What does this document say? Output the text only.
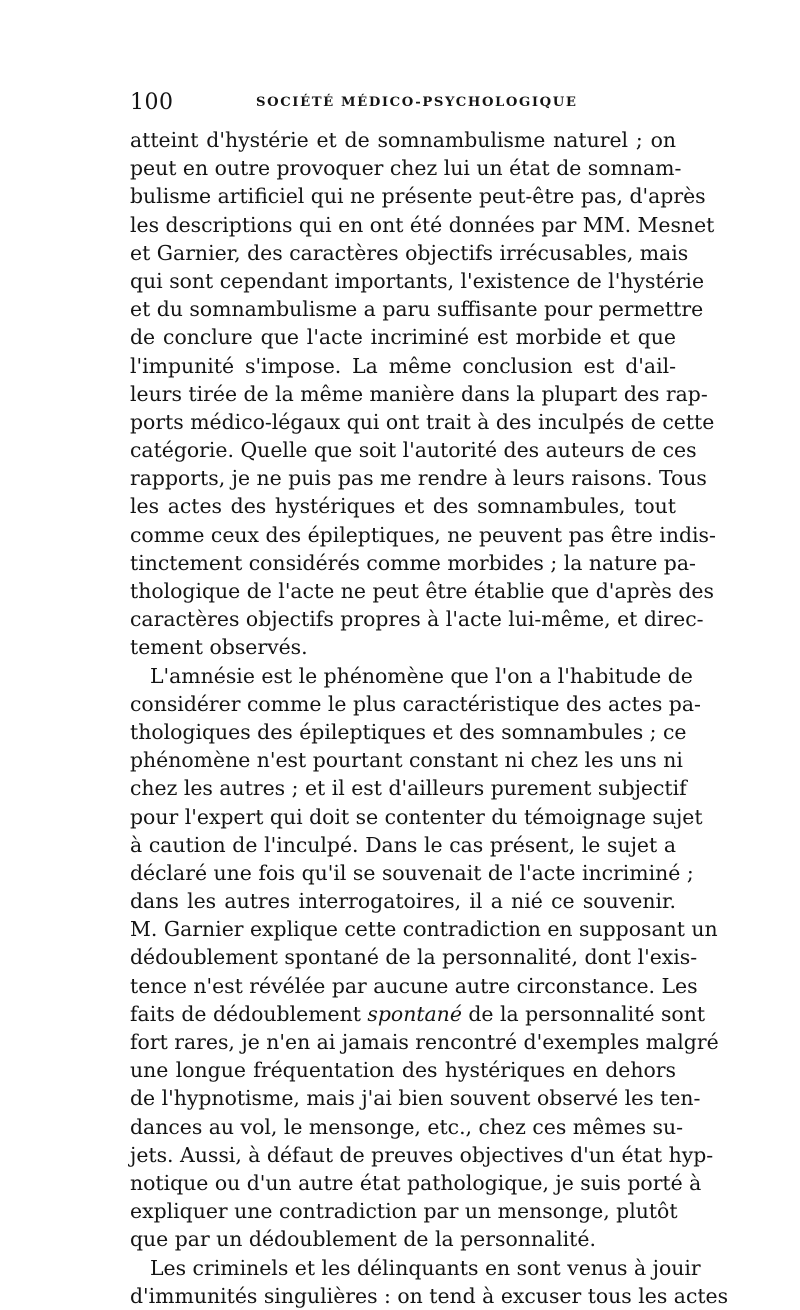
100	SOCIÉTÉ MÉDICO-PSYCHOLOGIQUE
atteint d'hystérie et de somnambulisme naturel ; on
peut en outre provoquer chez lui un état de somnam-
bulisme artificiel qui ne présente peut-être pas, d'après
les descriptions qui en ont été données par MM. Mesnet
et Garnier, des caractères objectifs irrécusables, mais
qui sont cependant importants, l'existence de l'hystérie
et du somnambulisme a paru suffisante pour permettre
de conclure que l'acte incriminé est morbide et que
l'impunité s'impose. La même conclusion est d'ail-
leurs tirée de la même manière dans la plupart des rap-
ports médico-légaux qui ont trait à des inculpés de cette
catégorie. Quelle que soit l'autorité des auteurs de ces
rapports, je ne puis pas me rendre à leurs raisons. Tous
les actes des hystériques et des somnambules, tout
comme ceux des épileptiques, ne peuvent pas être indis-
tinctement considérés comme morbides ; la nature pa-
thologique de l'acte ne peut être établie que d'après des
caractères objectifs propres à l'acte lui-même, et direc-
tement observés.
L'amnésie est le phénomène que l'on a l'habitude de
considérer comme le plus caractéristique des actes pa-
thologiques des épileptiques et des somnambules ; ce
phénomène n'est pourtant constant ni chez les uns ni
chez les autres ; et il est d'ailleurs purement subjectif
pour l'expert qui doit se contenter du témoignage sujet
à caution de l'inculpé. Dans le cas présent, le sujet a
déclaré une fois qu'il se souvenait de l'acte incriminé ;
dans les autres interrogatoires, il a nié ce souvenir.
M. Garnier explique cette contradiction en supposant un
dédoublement spontané de la personnalité, dont l'exis-
tence n'est révélée par aucune autre circonstance. Les
faits de dédoublement spontané de la personnalité sont
fort rares, je n'en ai jamais rencontré d'exemples malgré
une longue fréquentation des hystériques en dehors
de l'hypnotisme, mais j'ai bien souvent observé les ten-
dances au vol, le mensonge, etc., chez ces mêmes su-
jets. Aussi, à défaut de preuves objectives d'un état hyp-
notique ou d'un autre état pathologique, je suis porté à
expliquer une contradiction par un mensonge, plutôt
que par un dédoublement de la personnalité.
Les criminels et les délinquants en sont venus à jouir
d'immunités singulières : on tend à excuser tous les actes
